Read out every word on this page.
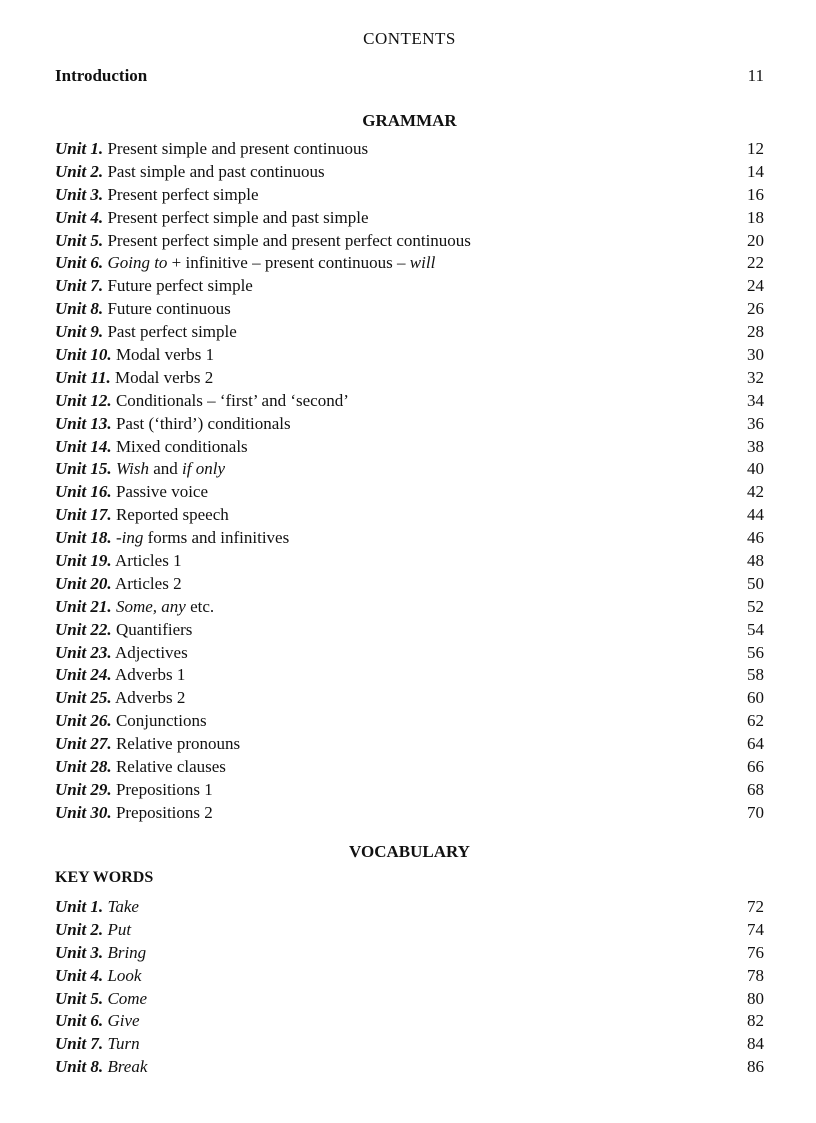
CONTENTS
Introduction	11
GRAMMAR
Unit 1. Present simple and present continuous	12
Unit 2. Past simple and past continuous	14
Unit 3. Present perfect simple	16
Unit 4. Present perfect simple and past simple	18
Unit 5. Present perfect simple and present perfect continuous	20
Unit 6. Going to + infinitive – present continuous – will	22
Unit 7. Future perfect simple	24
Unit 8. Future continuous	26
Unit 9. Past perfect simple	28
Unit 10. Modal verbs 1	30
Unit 11. Modal verbs 2	32
Unit 12. Conditionals – ‘first’ and ‘second’	34
Unit 13. Past (‘third’) conditionals	36
Unit 14. Mixed conditionals	38
Unit 15. Wish and if only	40
Unit 16. Passive voice	42
Unit 17. Reported speech	44
Unit 18. -ing forms and infinitives	46
Unit 19. Articles 1	48
Unit 20. Articles 2	50
Unit 21. Some, any etc.	52
Unit 22. Quantifiers	54
Unit 23. Adjectives	56
Unit 24. Adverbs 1	58
Unit 25. Adverbs 2	60
Unit 26. Conjunctions	62
Unit 27. Relative pronouns	64
Unit 28. Relative clauses	66
Unit 29. Prepositions 1	68
Unit 30. Prepositions 2	70
VOCABULARY
KEY WORDS
Unit 1. Take	72
Unit 2. Put	74
Unit 3. Bring	76
Unit 4. Look	78
Unit 5. Come	80
Unit 6. Give	82
Unit 7. Turn	84
Unit 8. Break	86
